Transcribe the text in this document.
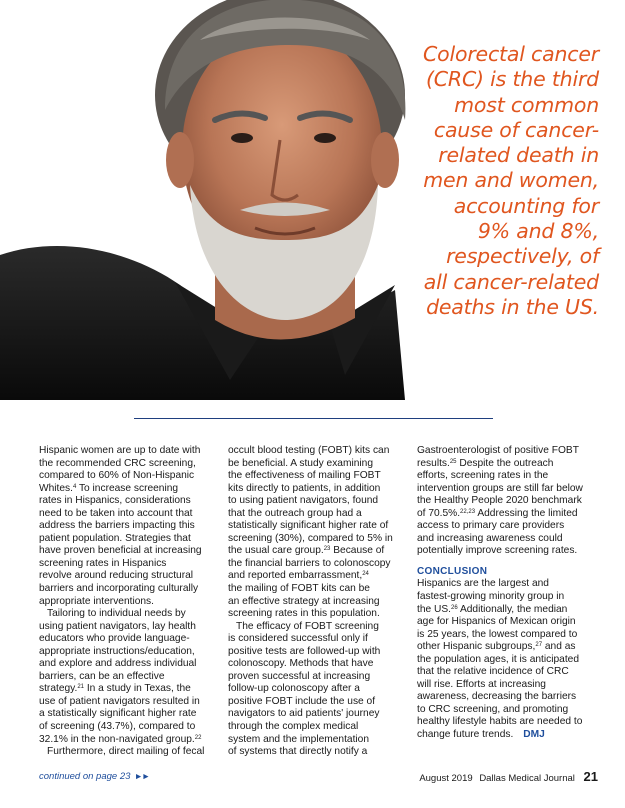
Colorectal cancer
(CRC) is the third
most common
cause of cancer-
related death in
men and women,
accounting for
9% and 8%,
respectively, of
all cancer-related
deaths in the US.
Hispanic women are up to date with
the recommended CRC screening,
compared to 60% of Non-Hispanic
Whites.$^4$ To increase screening
rates in Hispanics, considerations
need to be taken into account that
address the barriers impacting this
patient population. Strategies that
have proven beneficial at increasing
screening rates in Hispanics
revolve around reducing structural
barriers and incorporating culturally
appropriate interventions.
Tailoring to individual needs by
using patient navigators, lay health
educators who provide language-
appropriate instructions/education,
and explore and address individual
barriers, can be an effective
strategy.$^{21}$ In a study in Texas, the
use of patient navigators resulted in
a statistically significant higher rate
of screening (43.7%), compared to
32.1% in the non-navigated group.$^{22}$
Furthermore, direct mailing of fecal
occult blood testing (FOBT) kits can
be beneficial. A study examining
the effectiveness of mailing FOBT
kits directly to patients, in addition
to using patient navigators, found
that the outreach group had a
statistically significant higher rate of
screening (30%), compared to 5% in
the usual care group.$^{23}$ Because of
the financial barriers to colonoscopy
and reported embarrassment,$^{24}$
the mailing of FOBT kits can be
an effective strategy at increasing
screening rates in this population.
The efficacy of FOBT screening
is considered successful only if
positive tests are followed-up with
colonoscopy. Methods that have
proven successful at increasing
follow-up colonoscopy after a
positive FOBT include the use of
navigators to aid patients' journey
through the complex medical
system and the implementation
of systems that directly notify a
Gastroenterologist of positive FOBT
results.$^{25}$ Despite the outreach
efforts, screening rates in the
intervention groups are still far below
the Healthy People 2020 benchmark
of 70.5%.$^{22,23}$ Addressing the limited
access to primary care providers
and increasing awareness could
potentially improve screening rates.
CONCLUSION
Hispanics are the largest and
fastest-growing minority group in
the US.$^{26}$ Additionally, the median
age for Hispanics of Mexican origin
is 25 years, the lowest compared to
other Hispanic subgroups,$^{27}$ and as
the population ages, it is anticipated
that the relative incidence of CRC
will rise. Efforts at increasing
awareness, decreasing the barriers
to CRC screening, and promoting
healthy lifestyle habits are needed to
change future trends. DMJ
continued on page 23 ►►	August 2019 Dallas Medical Journal 21
